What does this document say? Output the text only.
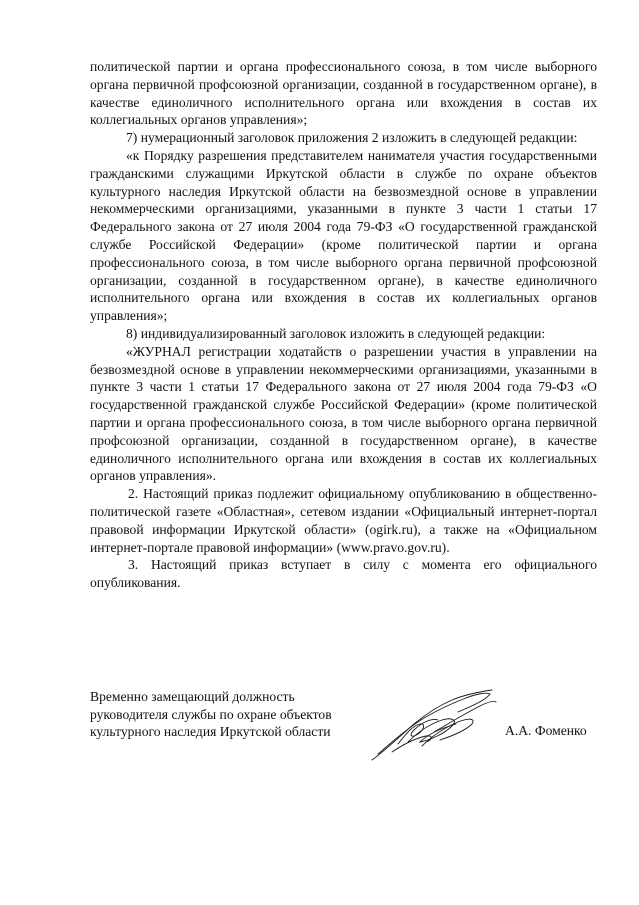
политической партии и органа профессионального союза, в том числе выборного органа первичной профсоюзной организации, созданной в государственном органе), в качестве единоличного исполнительного органа или вхождения в состав их коллегиальных органов управления»;

7) нумерационный заголовок приложения 2 изложить в следующей редакции:

«к Порядку разрешения представителем нанимателя участия государственными гражданскими служащими Иркутской области в службе по охране объектов культурного наследия Иркутской области на безвозмездной основе в управлении некоммерческими организациями, указанными в пункте 3 части 1 статьи 17 Федерального закона от 27 июля 2004 года 79-ФЗ «О государственной гражданской службе Российской Федерации» (кроме политической партии и органа профессионального союза, в том числе выборного органа первичной профсоюзной организации, созданной в государственном органе), в качестве единоличного исполнительного органа или вхождения в состав их коллегиальных органов управления»;

8) индивидуализированный заголовок изложить в следующей редакции:

«ЖУРНАЛ регистрации ходатайств о разрешении участия в управлении на безвозмездной основе в управлении некоммерческими организациями, указанными в пункте 3 части 1 статьи 17 Федерального закона от 27 июля 2004 года 79-ФЗ «О государственной гражданской службе Российской Федерации» (кроме политической партии и органа профессионального союза, в том числе выборного органа первичной профсоюзной организации, созданной в государственном органе), в качестве единоличного исполнительного органа или вхождения в состав их коллегиальных органов управления».

2. Настоящий приказ подлежит официальному опубликованию в общественно-политической газете «Областная», сетевом издании «Официальный интернет-портал правовой информации Иркутской области» (ogirk.ru), а также на «Официальном интернет-портале правовой информации» (www.pravo.gov.ru).

3. Настоящий приказ вступает в силу с момента его официального опубликования.

Временно замещающий должность
руководителя службы по охране объектов
культурного наследия Иркутской области	А.А. Фоменко
